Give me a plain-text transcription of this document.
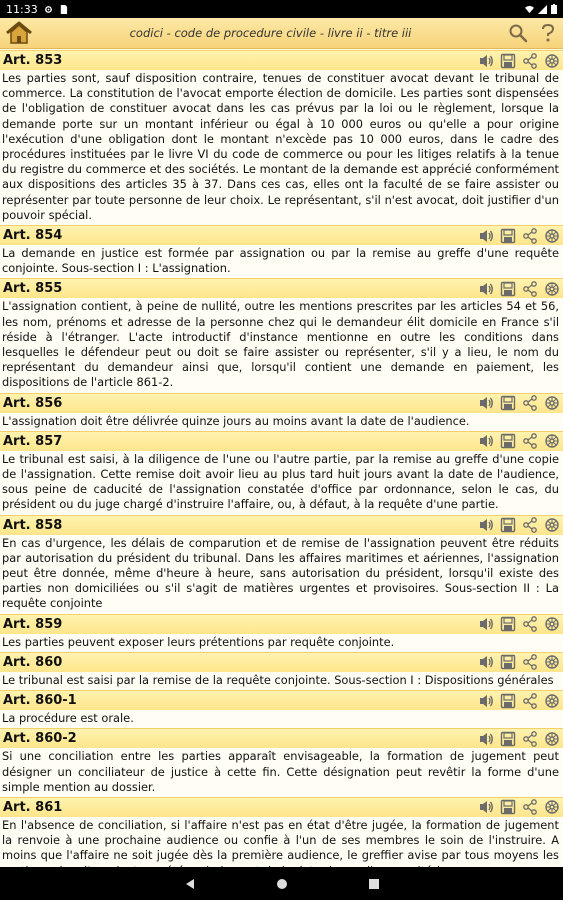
11:33
codici - code de procedure civile - livre ii - titre iii
Art. 853
Les parties sont, sauf disposition contraire, tenues de constituer avocat devant le tribunal de commerce. La constitution de l'avocat emporte élection de domicile. Les parties sont dispensées de l'obligation de constituer avocat dans les cas prévus par la loi ou le règlement, lorsque la demande porte sur un montant inférieur ou égal à 10 000 euros ou qu'elle a pour origine l'exécution d'une obligation dont le montant n'excède pas 10 000 euros, dans le cadre des procédures instituées par le livre VI du code de commerce ou pour les litiges relatifs à la tenue du registre du commerce et des sociétés. Le montant de la demande est apprécié conformément aux dispositions des articles 35 à 37. Dans ces cas, elles ont la faculté de se faire assister ou représenter par toute personne de leur choix. Le représentant, s'il n'est avocat, doit justifier d'un pouvoir spécial.
Art. 854
La demande en justice est formée par assignation ou par la remise au greffe d'une requête conjointe. Sous-section I : L'assignation.
Art. 855
L'assignation contient, à peine de nullité, outre les mentions prescrites par les articles 54 et 56, les nom, prénoms et adresse de la personne chez qui le demandeur élit domicile en France s'il réside à l'étranger. L'acte introductif d'instance mentionne en outre les conditions dans lesquelles le défendeur peut ou doit se faire assister ou représenter, s'il y a lieu, le nom du représentant du demandeur ainsi que, lorsqu'il contient une demande en paiement, les dispositions de l'article 861-2.
Art. 856
L'assignation doit être délivrée quinze jours au moins avant la date de l'audience.
Art. 857
Le tribunal est saisi, à la diligence de l'une ou l'autre partie, par la remise au greffe d'une copie de l'assignation. Cette remise doit avoir lieu au plus tard huit jours avant la date de l'audience, sous peine de caducité de l'assignation constatée d'office par ordonnance, selon le cas, du président ou du juge chargé d'instruire l'affaire, ou, à défaut, à la requête d'une partie.
Art. 858
En cas d'urgence, les délais de comparution et de remise de l'assignation peuvent être réduits par autorisation du président du tribunal. Dans les affaires maritimes et aériennes, l'assignation peut être donnée, même d'heure à heure, sans autorisation du président, lorsqu'il existe des parties non domiciliées ou s'il s'agit de matières urgentes et provisoires. Sous-section II : La requête conjointe
Art. 859
Les parties peuvent exposer leurs prétentions par requête conjointe.
Art. 860
Le tribunal est saisi par la remise de la requête conjointe. Sous-section I : Dispositions générales
Art. 860-1
La procédure est orale.
Art. 860-2
Si une conciliation entre les parties apparaît envisageable, la formation de jugement peut désigner un conciliateur de justice à cette fin. Cette désignation peut revêtir la forme d'une simple mention au dossier.
Art. 861
En l'absence de conciliation, si l'affaire n'est pas en état d'être jugée, la formation de jugement la renvoie à une prochaine audience ou confie à l'un de ses membres le soin de l'instruire. A moins que l'affaire ne soit jugée dès la première audience, le greffier avise par tous moyens les
